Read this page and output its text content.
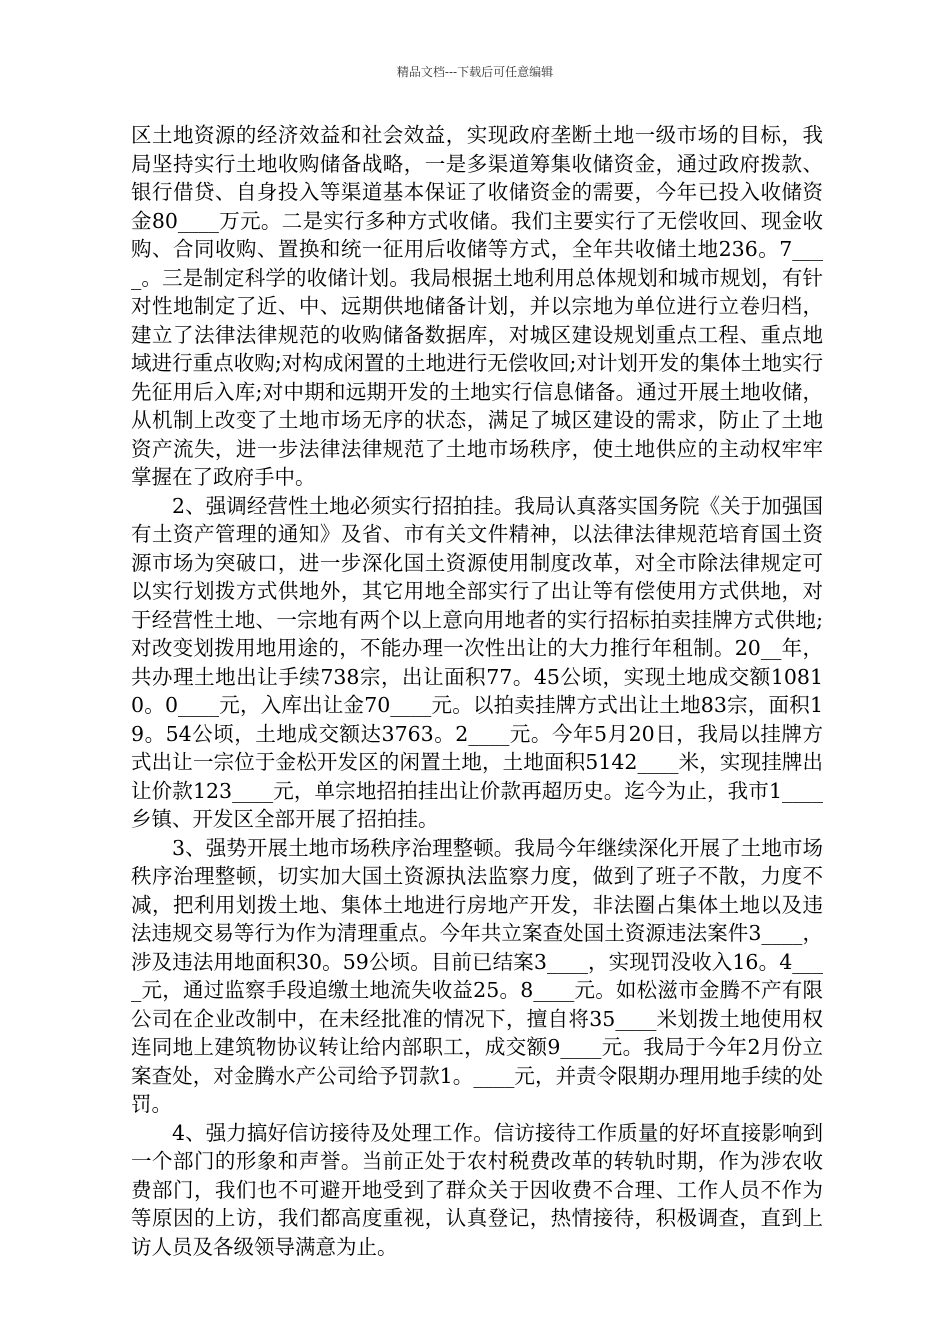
精品文档---下载后可任意编辑

区土地资源的经济效益和社会效益，实现政府垄断土地一级市场的目标，我局坚持实行土地收购储备战略，一是多渠道筹集收储资金，通过政府拨款、银行借贷、自身投入等渠道基本保证了收储资金的需要，今年已投入收储资金80____万元。二是实行多种方式收储。我们主要实行了无偿收回、现金收购、合同收购、置换和统一征用后收储等方式，全年共收储土地236。7____。三是制定科学的收储计划。我局根据土地利用总体规划和城市规划，有针对性地制定了近、中、远期供地储备计划，并以宗地为单位进行立卷归档，建立了法律法律规范的收购储备数据库，对城区建设规划重点工程、重点地域进行重点收购;对构成闲置的土地进行无偿收回;对计划开发的集体土地实行先征用后入库;对中期和远期开发的土地实行信息储备。通过开展土地收储，从机制上改变了土地市场无序的状态，满足了城区建设的需求，防止了土地资产流失，进一步法律法律规范了土地市场秩序，使土地供应的主动权牢牢掌握在了政府手中。

2、强调经营性土地必须实行招拍挂。我局认真落实国务院《关于加强国有土资产管理的通知》及省、市有关文件精神，以法律法律规范培育国土资源市场为突破口，进一步深化国土资源使用制度改革，对全市除法律规定可以实行划拨方式供地外，其它用地全部实行了出让等有偿使用方式供地，对于经营性土地、一宗地有两个以上意向用地者的实行招标拍卖挂牌方式供地;对改变划拨用地用途的，不能办理一次性出让的大力推行年租制。20__年，共办理土地出让手续738宗，出让面积77。45公顷，实现土地成交额10810。0____元，入库出让金70____元。以拍卖挂牌方式出让土地83宗，面积19。54公顷，土地成交额达3763。2____元。今年5月20日，我局以挂牌方式出让一宗位于金松开发区的闲置土地，土地面积5142____米，实现挂牌出让价款123____元，单宗地招拍挂出让价款再超历史。迄今为止，我市1____乡镇、开发区全部开展了招拍挂。

3、强势开展土地市场秩序治理整顿。我局今年继续深化开展了土地市场秩序治理整顿，切实加大国土资源执法监察力度，做到了班子不散，力度不减，把利用划拨土地、集体土地进行房地产开发，非法圈占集体土地以及违法违规交易等行为作为清理重点。今年共立案查处国土资源违法案件3____，涉及违法用地面积30。59公顷。目前已结案3____，实现罚没收入16。4____元，通过监察手段追缴土地流失收益25。8____元。如松滋市金腾不产有限公司在企业改制中，在未经批准的情况下，擅自将35____米划拨土地使用权连同地上建筑物协议转让给内部职工，成交额9____元。我局于今年2月份立案查处，对金腾水产公司给予罚款1。____元，并责令限期办理用地手续的处罚。

4、强力搞好信访接待及处理工作。信访接待工作质量的好坏直接影响到一个部门的形象和声誉。当前正处于农村税费改革的转轨时期，作为涉农收费部门，我们也不可避开地受到了群众关于因收费不合理、工作人员不作为等原因的上访，我们都高度重视，认真登记，热情接待，积极调查，直到上访人员及各级领导满意为止。
